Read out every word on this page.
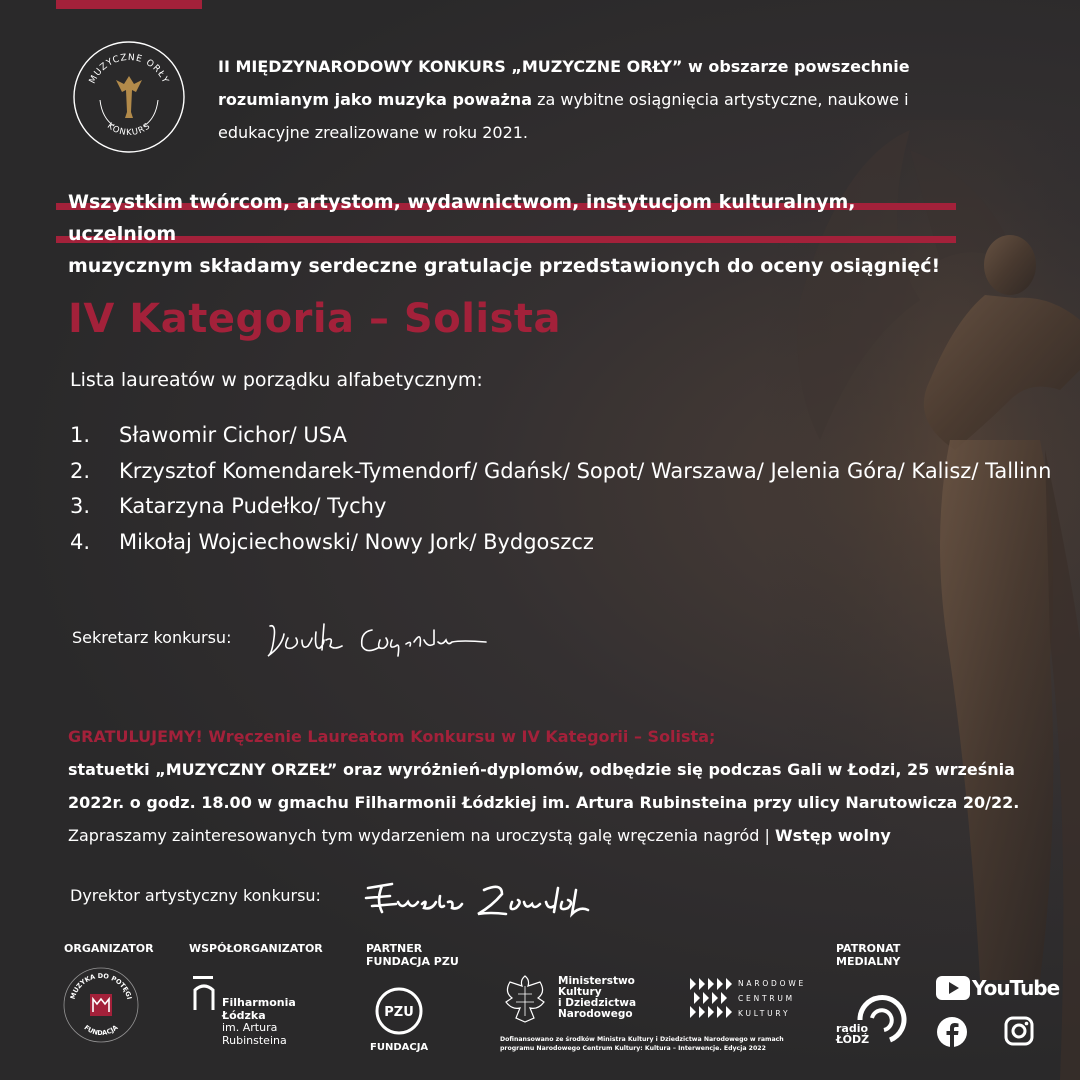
MUZYCZNE ORŁY
KONKURS
II MIĘDZYNARODOWY KONKURS „MUZYCZNE ORŁY” w obszarze powszechnie rozumianym jako muzyka poważna za wybitne osiągnięcia artystyczne, naukowe i edukacyjne zrealizowane w roku 2021.
Wszystkim twórcom, artystom, wydawnictwom, instytucjom kulturalnym, uczelniom
muzycznym składamy serdeczne gratulacje przedstawionych do oceny osiągnięć!
IV Kategoria – Solista
Lista laureatów w porządku alfabetycznym:
1.	Sławomir Cichor/ USA
2.	Krzysztof Komendarek-Tymendorf/ Gdańsk/ Sopot/ Warszawa/ Jelenia Góra/ Kalisz/ Tallinn
3.	Katarzyna Pudełko/ Tychy
4.	Mikołaj Wojciechowski/ Nowy Jork/ Bydgoszcz
Sekretarz konkursu:
GRATULUJEMY! Wręczenie Laureatom Konkursu w IV Kategorii – Solista;
statuetki „MUZYCZNY ORZEŁ” oraz wyróżnień-dyplomów, odbędzie się podczas Gali w Łodzi, 25 września 2022r. o godz. 18.00 w gmachu Filharmonii Łódzkiej im. Artura Rubinsteina przy ulicy Narutowicza 20/22.
Zapraszamy zainteresowanych tym wydarzeniem na uroczystą galę wręczenia nagród | Wstęp wolny
Dyrektor artystyczny konkursu:
ORGANIZATOR
MUZYKA DO POTĘGI
FUNDACJA
WSPÓŁORGANIZATOR
Filharmonia
Łódzka
im. Artura
Rubinsteina
PARTNER
FUNDACJA PZU
PZU
FUNDACJA
Ministerstwo
Kultury
i Dziedzictwa
Narodowego
NARODOWE
CENTRUM
KULTURY
Dofinansowano ze środków Ministra Kultury i Dziedzictwa Narodowego w ramach
programu Narodowego Centrum Kultury: Kultura – Interwencje. Edycja 2022
PATRONAT
MEDIALNY
radio
ŁÓDŹ
YouTube
